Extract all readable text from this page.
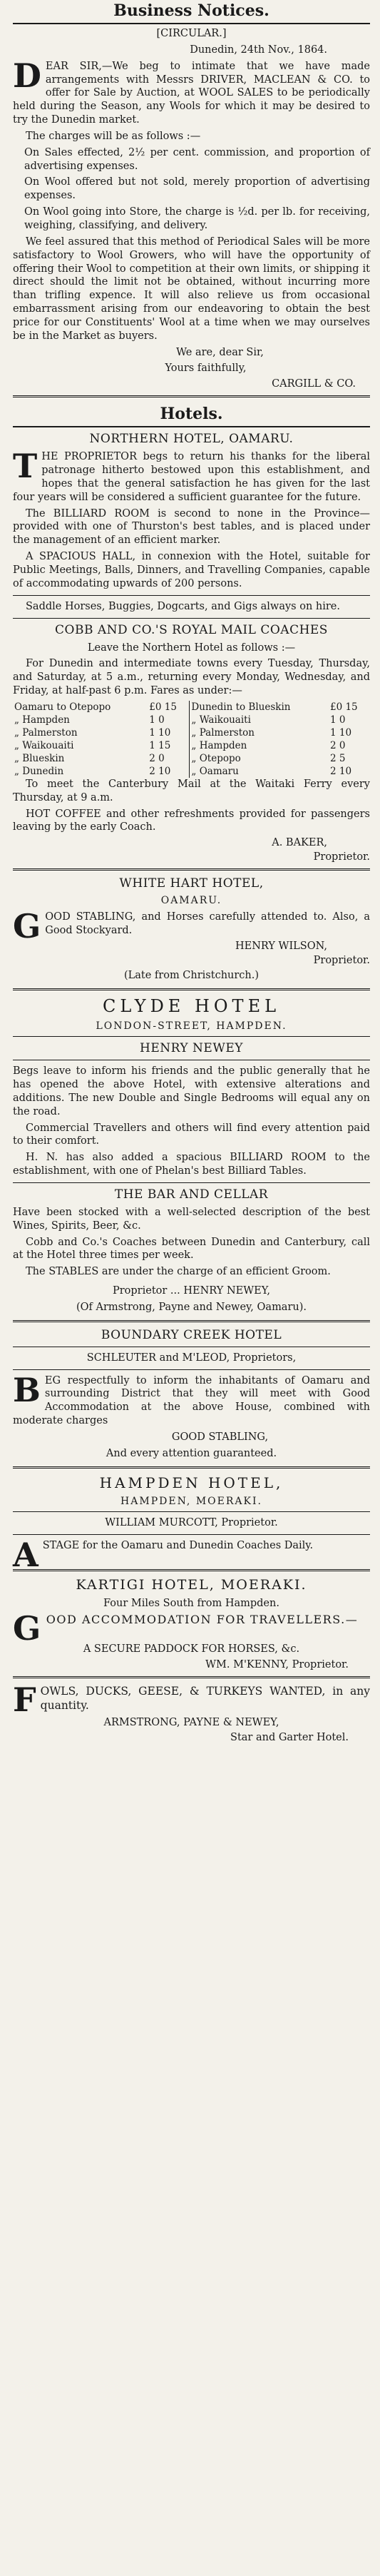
Business Notices.
[CIRCULAR.]
Dunedin, 24th Nov., 1864.
DEAR SIR,—We beg to intimate that we have made arrangements with Messrs DRIVER, MACLEAN & CO. to offer for Sale by Auction, at WOOL SALES to be periodically held during the Season, any Wools for which it may be desired to try the Dunedin market.
The charges will be as follows :—
On Sales effected, 2½ per cent. commission, and proportion of advertising expenses.
On Wool offered but not sold, merely proportion of advertising expenses.
On Wool going into Store, the charge is ½d. per lb. for receiving, weighing, classifying, and delivery.
We feel assured that this method of Periodical Sales will be more satisfactory to Wool Growers, who will have the opportunity of offering their Wool to competition at their own limits, or shipping it direct should the limit not be obtained, without incurring more than trifling expence. It will also relieve us from occasional embarrassment arising from our endeavoring to obtain the best price for our Constituents' Wool at a time when we may ourselves be in the Market as buyers.
We are, dear Sir,
Yours faithfully,
CARGILL & CO.
Hotels.
NORTHERN HOTEL, OAMARU.
THE PROPRIETOR begs to return his thanks for the liberal patronage hitherto bestowed upon this establishment, and hopes that the general satisfaction he has given for the last four years will be considered a sufficient guarantee for the future.
The BILLIARD ROOM is second to none in the Province—provided with one of Thurston's best tables, and is placed under the management of an efficient marker.
A SPACIOUS HALL, in connexion with the Hotel, suitable for Public Meetings, Balls, Dinners, and Travelling Companies, capable of accommodating upwards of 200 persons.
Saddle Horses, Buggies, Dogcarts, and Gigs always on hire.
COBB AND CO.'S ROYAL MAIL COACHES
Leave the Northern Hotel as follows :—
For Dunedin and intermediate towns every Tuesday, Thursday, and Saturday, at 5 a.m., returning every Monday, Wednesday, and Friday, at half-past 6 p.m. Fares as under:—
Oamaru to Otepopo	£0 15	Dunedin to Blueskin	£0 15
„ Hampden	1 0	„ Waikouaiti	1 0
„ Palmerston	1 10	„ Palmerston	1 10
„ Waikouaiti	1 15	„ Hampden	2 0
„ Blueskin	2 0	„ Otepopo	2 5
„ Dunedin	2 10	„ Oamaru	2 10
To meet the Canterbury Mail at the Waitaki Ferry every Thursday, at 9 a.m.
HOT COFFEE and other refreshments provided for passengers leaving by the early Coach.
A. BAKER,
Proprietor.
WHITE HART HOTEL,
OAMARU.
GOOD STABLING, and Horses carefully attended to. Also, a Good Stockyard.
HENRY WILSON,
Proprietor.
(Late from Christchurch.)
CLYDE HOTEL
LONDON-STREET, HAMPDEN.
HENRY NEWEY
Begs leave to inform his friends and the public generally that he has opened the above Hotel, with extensive alterations and additions. The new Double and Single Bedrooms will equal any on the road.
Commercial Travellers and others will find every attention paid to their comfort.
H. N. has also added a spacious BILLIARD ROOM to the establishment, with one of Phelan's best Billiard Tables.
THE BAR AND CELLAR
Have been stocked with a well-selected description of the best Wines, Spirits, Beer, &c.
Cobb and Co.'s Coaches between Dunedin and Canterbury, call at the Hotel three times per week.
The STABLES are under the charge of an efficient Groom.
Proprietor ... HENRY NEWEY,
(Of Armstrong, Payne and Newey, Oamaru).
BOUNDARY CREEK HOTEL
SCHLEUTER and M'LEOD, Proprietors,
BEG respectfully to inform the inhabitants of Oamaru and surrounding District that they will meet with Good Accommodation at the above House, combined with moderate charges
GOOD STABLING,
And every attention guaranteed.
HAMPDEN HOTEL,
HAMPDEN, MOERAKI.
WILLIAM MURCOTT, Proprietor.
ASTAGE for the Oamaru and Dunedin Coaches Daily.
KARTIGI HOTEL, MOERAKI.
Four Miles South from Hampden.
GOOD ACCOMMODATION FOR TRAVELLERS.—
A SECURE PADDOCK FOR HORSES, &c.
WM. M'KENNY, Proprietor.
FOWLS, DUCKS, GEESE, & TURKEYS WANTED, in any quantity.
ARMSTRONG, PAYNE & NEWEY,
Star and Garter Hotel.
